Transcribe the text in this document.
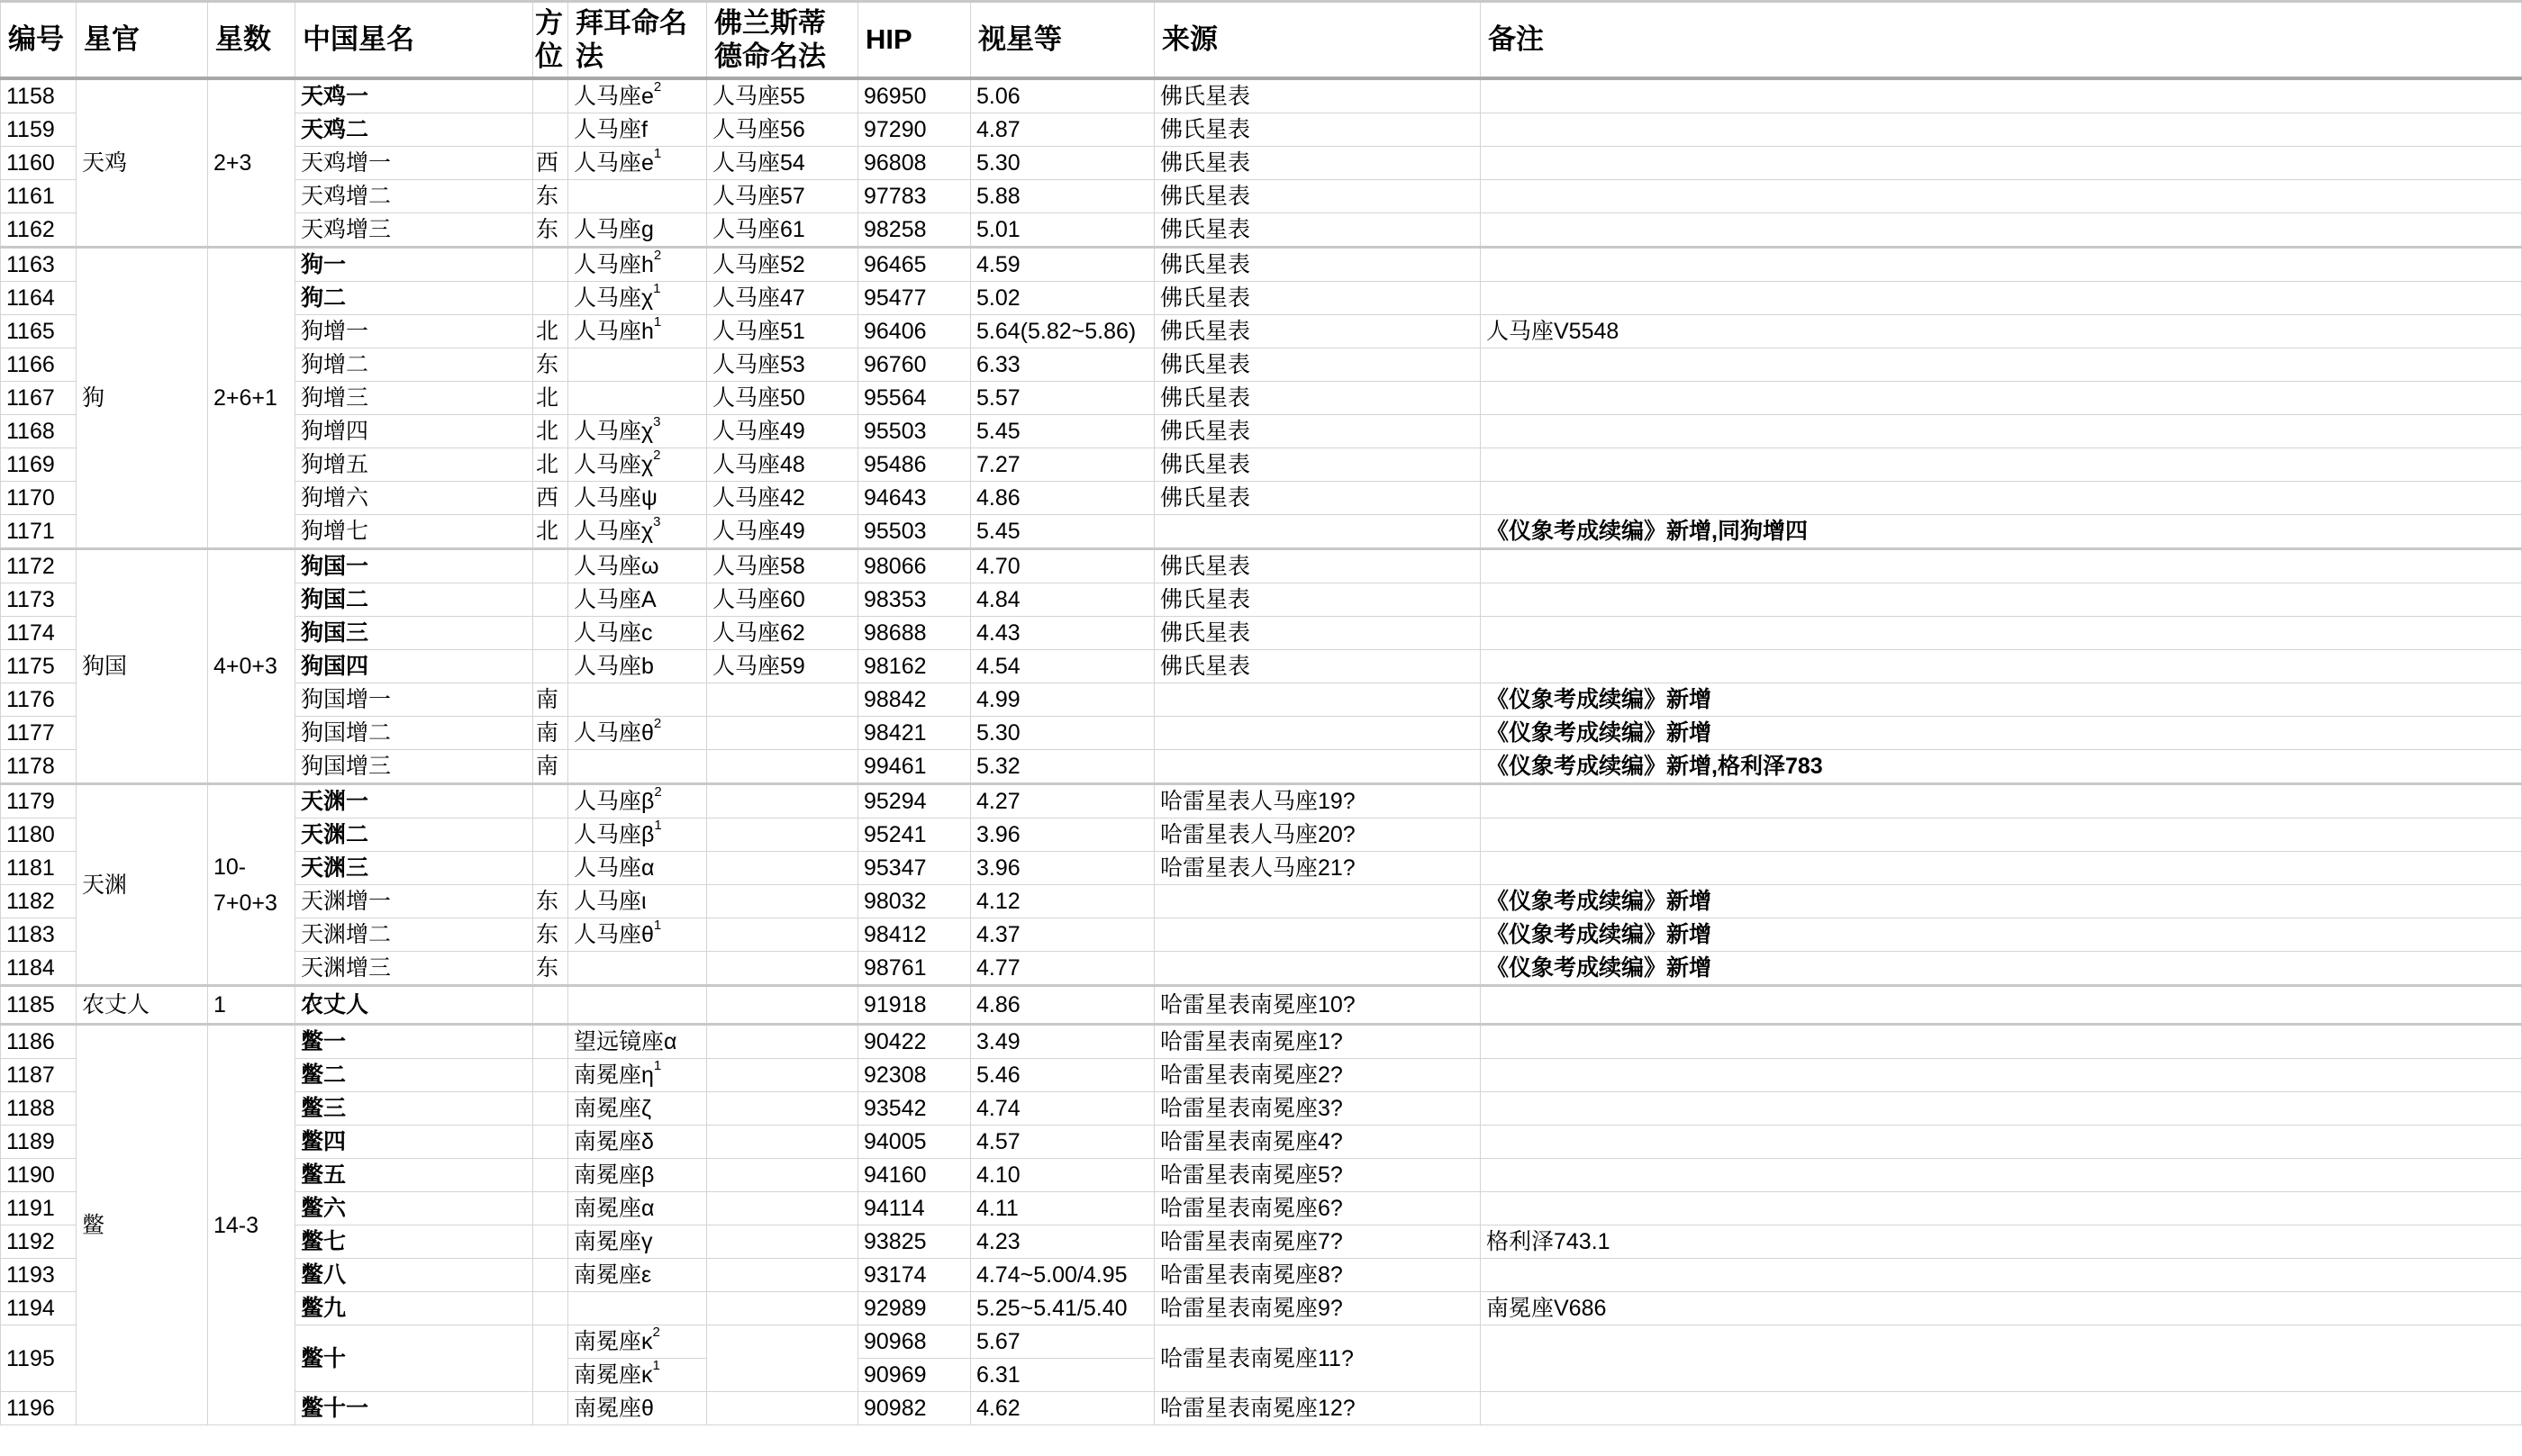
编号	星官	星数	中国星名	方位	拜耳命名法	佛兰斯蒂德命名法	HIP	视星等	来源	备注
1158	天鸡	2+3	天鸡一		人马座$e^2$	人马座55	96950	5.06	佛氏星表	
1159			天鸡二		人马座f	人马座56	97290	4.87	佛氏星表	
1160			天鸡增一	西	人马座$e^1$	人马座54	96808	5.30	佛氏星表	
1161			天鸡增二	东		人马座57	97783	5.88	佛氏星表	
1162			天鸡增三	东	人马座g	人马座61	98258	5.01	佛氏星表	
1163	狗	2+6+1	狗一		人马座$h^2$	人马座52	96465	4.59	佛氏星表	
1164			狗二		人马座$\chi^1$	人马座47	95477	5.02	佛氏星表	
1165			狗增一	北	人马座$h^1$	人马座51	96406	5.64(5.82~5.86)	佛氏星表	人马座V5548
1166			狗增二	东		人马座53	96760	6.33	佛氏星表	
1167			狗增三	北		人马座50	95564	5.57	佛氏星表	
1168			狗增四	北	人马座$\chi^3$	人马座49	95503	5.45	佛氏星表	
1169			狗增五	北	人马座$\chi^2$	人马座48	95486	7.27	佛氏星表	
1170			狗增六	西	人马座ψ	人马座42	94643	4.86	佛氏星表	
1171			狗增七	北	人马座$\chi^3$	人马座49	95503	5.45		《仪象考成续编》新增,同狗增四
1172	狗国	4+0+3	狗国一		人马座ω	人马座58	98066	4.70	佛氏星表	
1173			狗国二		人马座A	人马座60	98353	4.84	佛氏星表	
1174			狗国三		人马座c	人马座62	98688	4.43	佛氏星表	
1175			狗国四		人马座b	人马座59	98162	4.54	佛氏星表	
1176			狗国增一	南			98842	4.99		《仪象考成续编》新增
1177			狗国增二	南	人马座$\theta^2$		98421	5.30		《仪象考成续编》新增
1178			狗国增三	南			99461	5.32		《仪象考成续编》新增,格利泽783
1179	天渊	10-7+0+3	天渊一		人马座$\beta^2$		95294	4.27	哈雷星表人马座19?	
1180			天渊二		人马座$\beta^1$		95241	3.96	哈雷星表人马座20?	
1181			天渊三		人马座α		95347	3.96	哈雷星表人马座21?	
1182			天渊增一	东	人马座ι		98032	4.12		《仪象考成续编》新增
1183			天渊增二	东	人马座$\theta^1$		98412	4.37		《仪象考成续编》新增
1184			天渊增三	东			98761	4.77		《仪象考成续编》新增
1185	农丈人	1	农丈人				91918	4.86	哈雷星表南冕座10?	
1186	鳖	14-3	鳖一		望远镜座α		90422	3.49	哈雷星表南冕座1?	
1187			鳖二		南冕座$\eta^1$		92308	5.46	哈雷星表南冕座2?	
1188			鳖三		南冕座ζ		93542	4.74	哈雷星表南冕座3?	
1189			鳖四		南冕座δ		94005	4.57	哈雷星表南冕座4?	
1190			鳖五		南冕座β		94160	4.10	哈雷星表南冕座5?	
1191			鳖六		南冕座α		94114	4.11	哈雷星表南冕座6?	
1192			鳖七		南冕座γ		93825	4.23	哈雷星表南冕座7?	格利泽743.1
1193			鳖八		南冕座ε		93174	4.74~5.00/4.95	哈雷星表南冕座8?	
1194			鳖九				92989	5.25~5.41/5.40	哈雷星表南冕座9?	南冕座V686
1195			鳖十		南冕座$\kappa^2$		90968	5.67	哈雷星表南冕座11?	
					南冕座$\kappa^1$		90969	6.31		
1196			鳖十一		南冕座θ		90982	4.62	哈雷星表南冕座12?	
